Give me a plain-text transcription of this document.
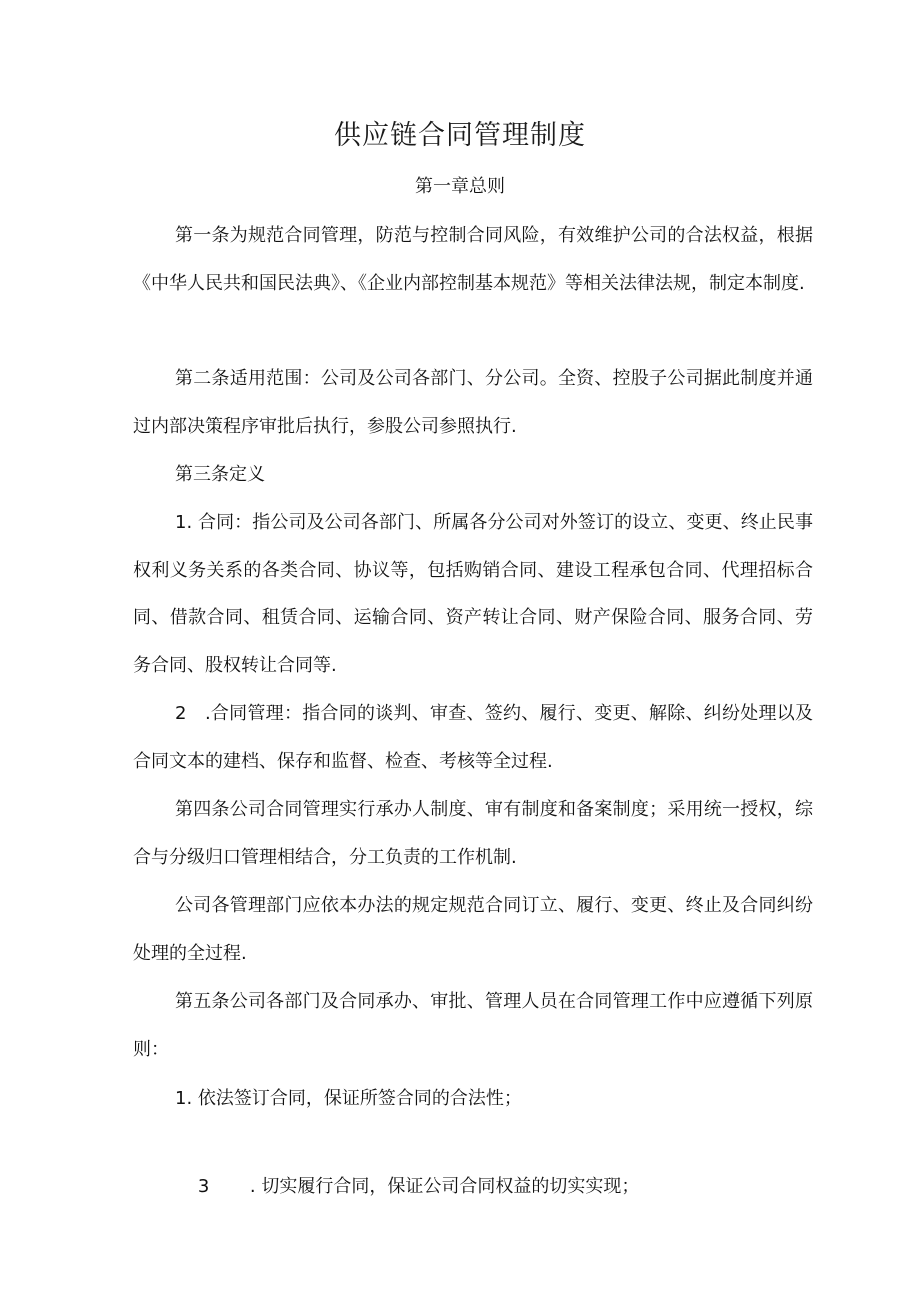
供应链合同管理制度
第一章总则

第一条为规范合同管理，防范与控制合同风险，有效维护公司的合法权益，根据《中华人民共和国民法典》、《企业内部控制基本规范》等相关法律法规，制定本制度.

第二条适用范围：公司及公司各部门、分公司。全资、控股子公司据此制度并通过内部决策程序审批后执行，参股公司参照执行.

第三条定义

1. 合同：指公司及公司各部门、所属各分公司对外签订的设立、变更、终止民事权利义务关系的各类合同、协议等，包括购销合同、建设工程承包合同、代理招标合同、借款合同、租赁合同、运输合同、资产转让合同、财产保险合同、服务合同、劳务合同、股权转让合同等.

2　.合同管理：指合同的谈判、审查、签约、履行、变更、解除、纠纷处理以及合同文本的建档、保存和监督、检查、考核等全过程.

第四条公司合同管理实行承办人制度、审有制度和备案制度；采用统一授权，综合与分级归口管理相结合，分工负责的工作机制.

公司各管理部门应依本办法的规定规范合同订立、履行、变更、终止及合同纠纷处理的全过程.

第五条公司各部门及合同承办、审批、管理人员在合同管理工作中应遵循下列原则：

1. 依法签订合同，保证所签合同的合法性；

3 . 切实履行合同，保证公司合同权益的切实实现；
